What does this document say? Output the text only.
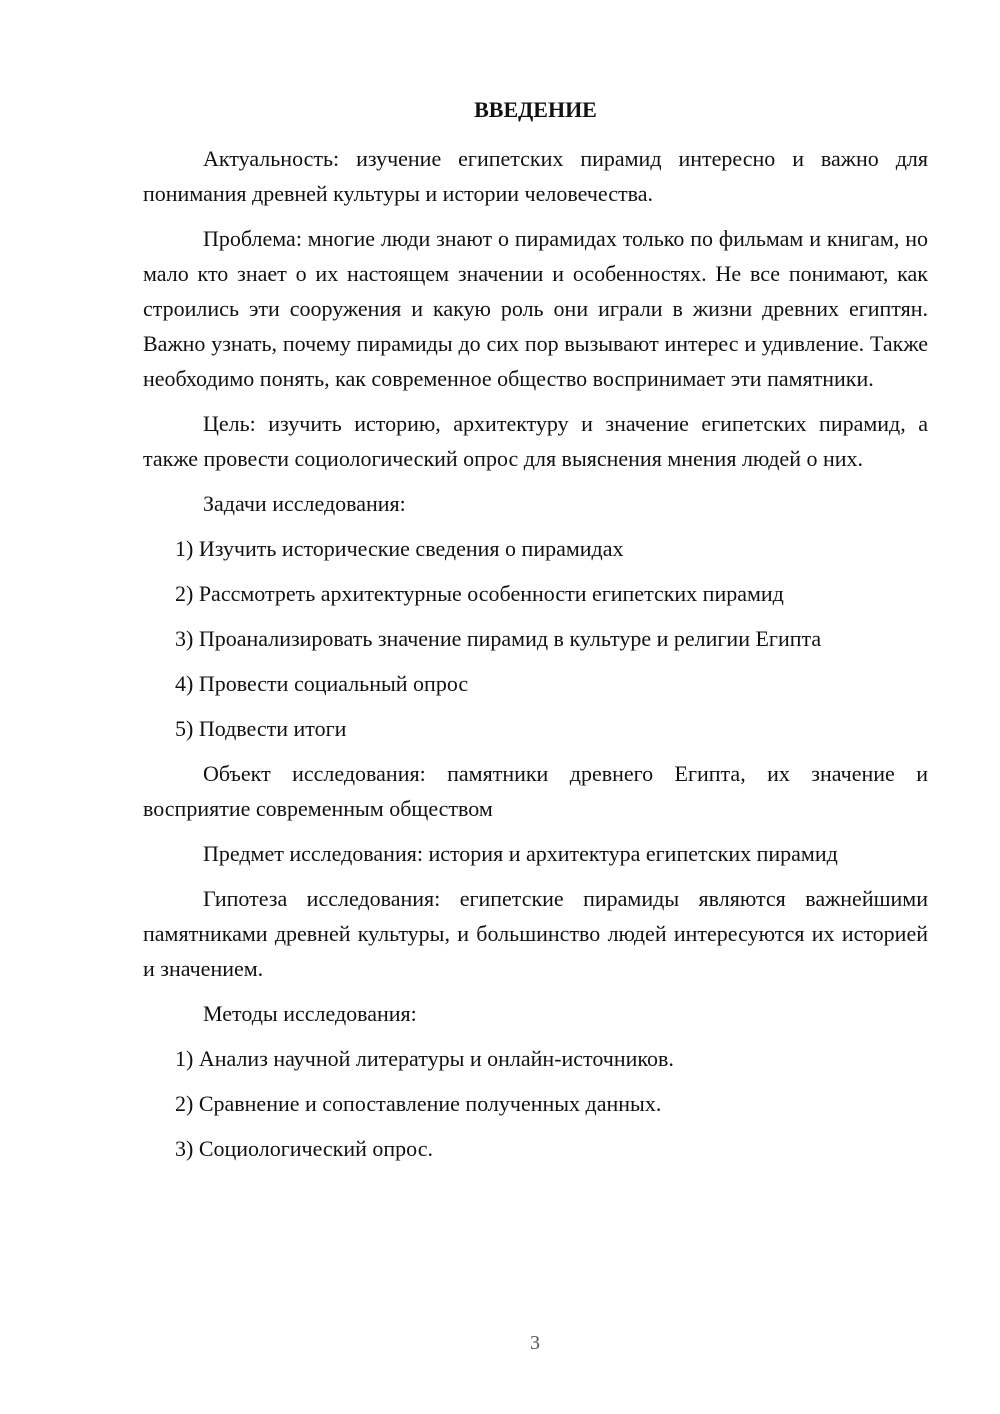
ВВЕДЕНИЕ

Актуальность: изучение египетских пирамид интересно и важно для понимания древней культуры и истории человечества.

Проблема: многие люди знают о пирамидах только по фильмам и книгам, но мало кто знает о их настоящем значении и особенностях. Не все понимают, как строились эти сооружения и какую роль они играли в жизни древних египтян. Важно узнать, почему пирамиды до сих пор вызывают интерес и удивление. Также необходимо понять, как современное общество воспринимает эти памятники.

Цель: изучить историю, архитектуру и значение египетских пирамид, а также провести социологический опрос для выяснения мнения людей о них.

Задачи исследования:

1) Изучить исторические сведения о пирамидах
2) Рассмотреть архитектурные особенности египетских пирамид
3) Проанализировать значение пирамид в культуре и религии Египта
4) Провести социальный опрос
5) Подвести итоги

Объект исследования: памятники древнего Египта, их значение и восприятие современным обществом

Предмет исследования: история и архитектура египетских пирамид

Гипотеза исследования: египетские пирамиды являются важнейшими памятниками древней культуры, и большинство людей интересуются их историей и значением.

Методы исследования:

1) Анализ научной литературы и онлайн-источников.
2) Сравнение и сопоставление полученных данных.
3) Социологический опрос.
3
